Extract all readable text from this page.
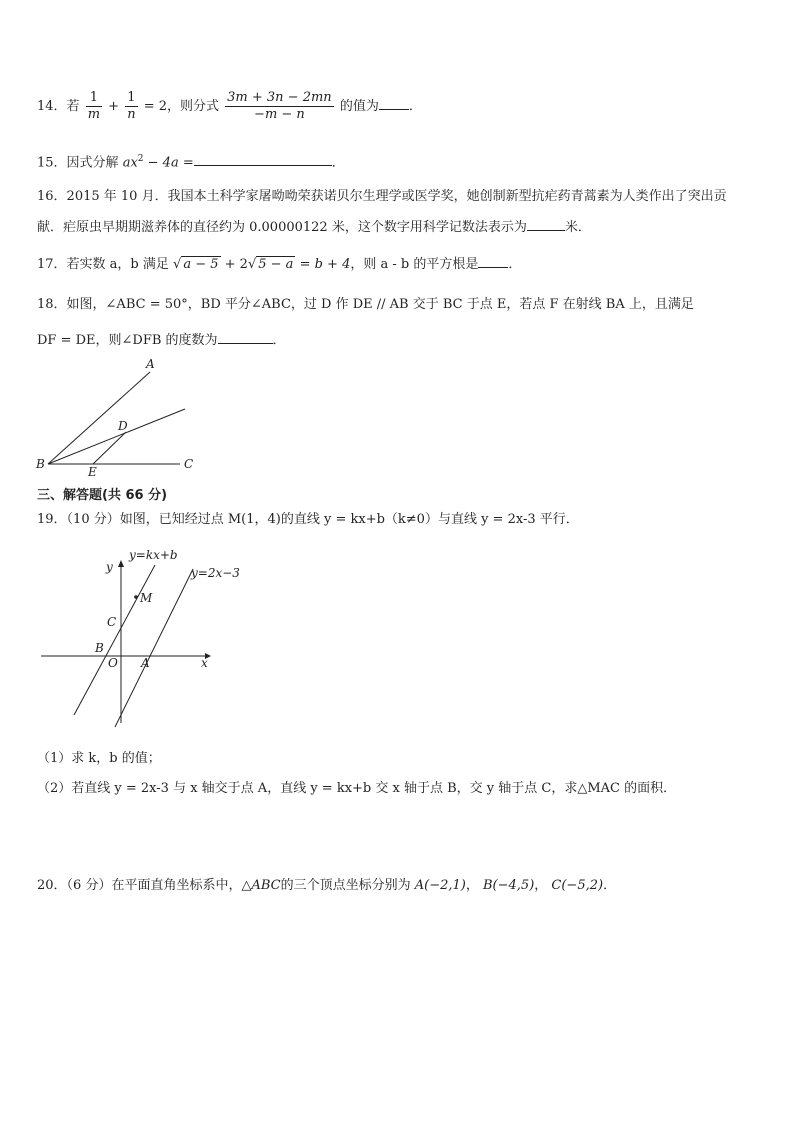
14．若 $\frac{1}{m} + \frac{1}{n} = 2$，则分式 $\frac{3m + 3n - 2mn}{-m - n}$ 的值为 ．
15．因式分解 $ax^2 - 4a$ =	．
16．2015 年 10 月．我国本土科学家屠呦呦荣获诺贝尔生理学或医学奖，她创制新型抗疟药青蒿素为人类作出了突出贡
献．疟原虫早期期滋养体的直径约为 0.00000122 米，这个数字用科学记数法表示为	米．
17．若实数 a，b 满足 √ a − 5 + 2√ 5 − a = b + 4，则 a - b 的平方根是 ．
18．如图，∠ABC = 50°，BD 平分∠ABC，过 D 作 DE // AB 交于 BC 于点 E，若点 F 在射线 BA 上，且满足
DF = DE，则∠DFB 的度数为	．
A
B	C
D
E
三、解答题(共 66 分)
19．（10 分）如图，已知经过点 M(1，4)的直线 y = kx+b（k≠0）与直线 y = 2x-3 平行．
y=kx+b
y=2x−3
y
x
M
C
B
O A
（1）求 k，b 的值；
（2）若直线 y = 2x-3 与 x 轴交于点 A，直线 y = kx+b 交 x 轴于点 B，交 y 轴于点 C，求△MAC 的面积．
20．（6 分）在平面直角坐标系中，△ABC的三个顶点坐标分别为 A(−2,1)， B(−4,5)， C(−5,2)．
